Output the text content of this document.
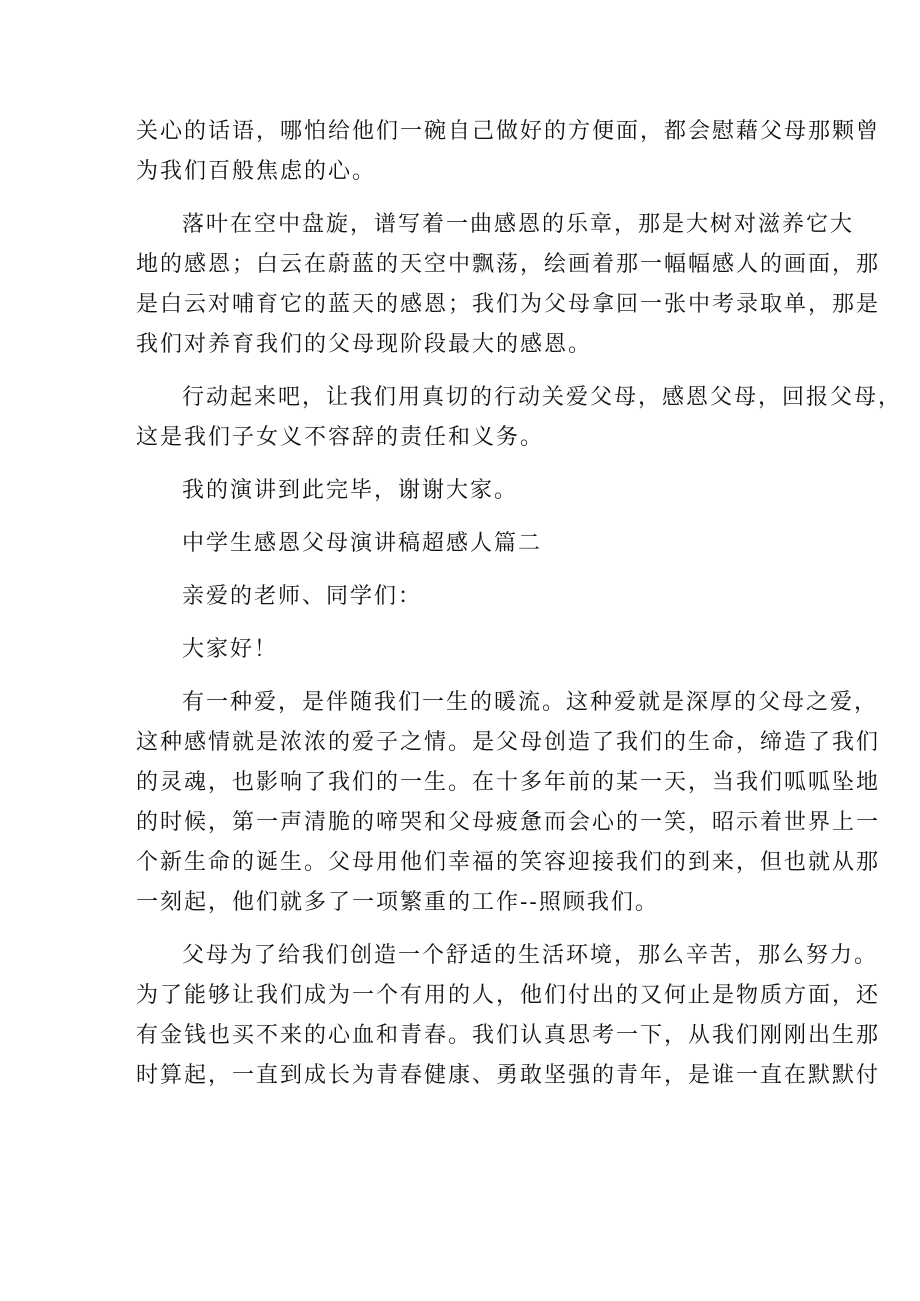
关心的话语，哪怕给他们一碗自己做好的方便面，都会慰藉父母那颗曾
为我们百般焦虑的心。
落叶在空中盘旋，谱写着一曲感恩的乐章，那是大树对滋养它大
地的感恩；白云在蔚蓝的天空中飘荡，绘画着那一幅幅感人的画面，那
是白云对哺育它的蓝天的感恩；我们为父母拿回一张中考录取单，那是
我们对养育我们的父母现阶段最大的感恩。
行动起来吧，让我们用真切的行动关爱父母，感恩父母，回报父母，
这是我们子女义不容辞的责任和义务。
我的演讲到此完毕，谢谢大家。
中学生感恩父母演讲稿超感人篇二
亲爱的老师、同学们：
大家好！
有一种爱，是伴随我们一生的暖流。这种爱就是深厚的父母之爱，
这种感情就是浓浓的爱子之情。是父母创造了我们的生命，缔造了我们
的灵魂，也影响了我们的一生。在十多年前的某一天，当我们呱呱坠地
的时候，第一声清脆的啼哭和父母疲惫而会心的一笑，昭示着世界上一
个新生命的诞生。父母用他们幸福的笑容迎接我们的到来，但也就从那
一刻起，他们就多了一项繁重的工作--照顾我们。
父母为了给我们创造一个舒适的生活环境，那么辛苦，那么努力。
为了能够让我们成为一个有用的人，他们付出的又何止是物质方面，还
有金钱也买不来的心血和青春。我们认真思考一下，从我们刚刚出生那
时算起，一直到成长为青春健康、勇敢坚强的青年，是谁一直在默默付
